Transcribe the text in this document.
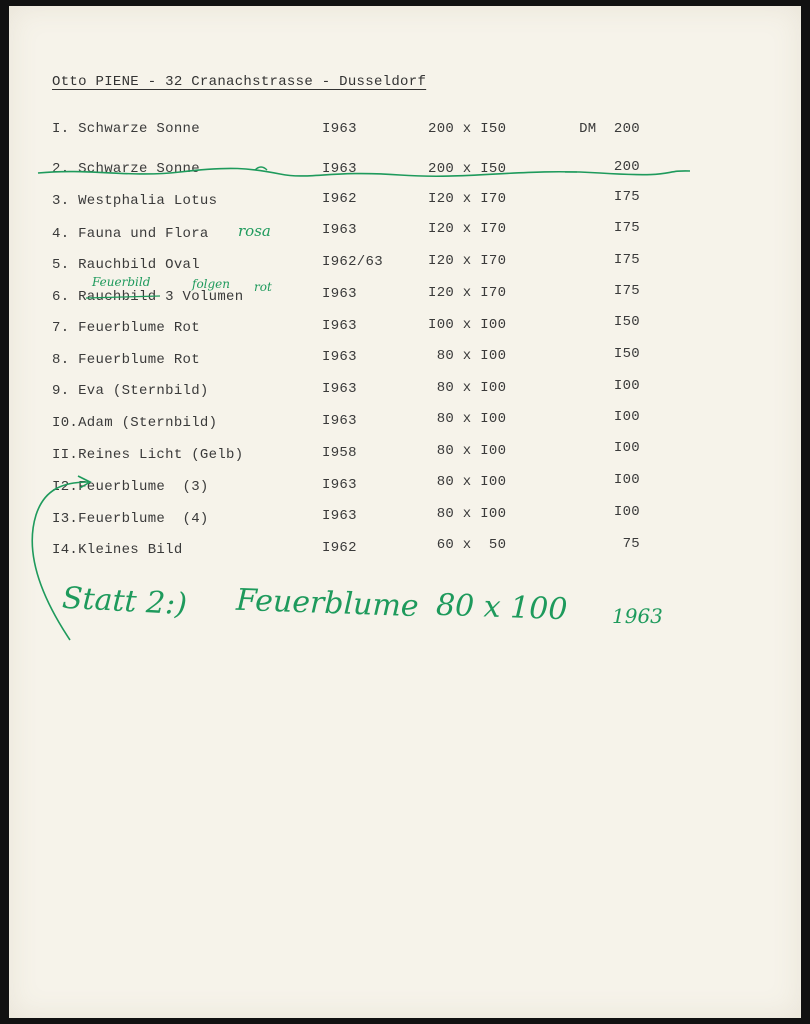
Otto PIENE - 32 Cranachstrasse - Dusseldorf
I. Schwarze Sonne	I963	200 x I50	DM  200
2. Schwarze Sonne	I963	200 x I50	200
3. Westphalia Lotus	I962	I20 x I70	I75
4. Fauna und Flora	I963	I20 x I70	I75
5. Rauchbild Oval	I962/63	I20 x I70	I75
6. Rauchbild 3 Volumen	I963	I20 x I70	I75
7. Feuerblume Rot	I963	I00 x I00	I50
8. Feuerblume Rot	I963	80 x I00	I50
9. Eva (Sternbild)	I963	80 x I00	I00
I0.Adam (Sternbild)	I963	80 x I00	I00
II.Reines Licht (Gelb)	I958	80 x I00	I00
I2.Feuerblume  (3)	I963	80 x I00	I00
I3.Feuerblume  (4)	I963	80 x I00	I00
I4.Kleines Bild	I962	60 x  50	75
rosa
Feuerbild	folgen rot
Statt 2:) Feuerblume 80 x 100 1963
